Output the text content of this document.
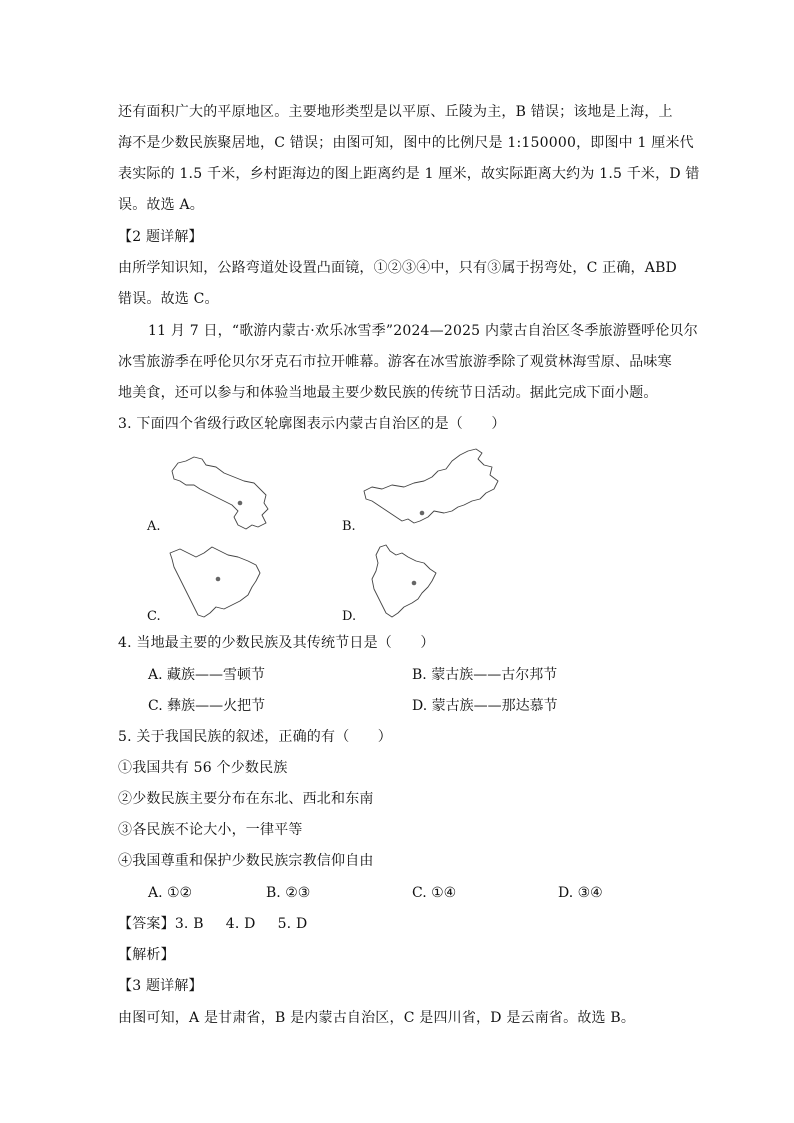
还有面积广大的平原地区。主要地形类型是以平原、丘陵为主，B 错误；该地是上海，上
海不是少数民族聚居地，C 错误；由图可知，图中的比例尺是 1:150000，即图中 1 厘米代
表实际的 1.5 千米，乡村距海边的图上距离约是 1 厘米，故实际距离大约为 1.5 千米，D 错
误。故选 A。
【2 题详解】
由所学知识知，公路弯道处设置凸面镜，①②③④中，只有③属于拐弯处，C 正确，ABD
错误。故选 C。
11 月 7 日，“歌游内蒙古·欢乐冰雪季”2024—2025 内蒙古自治区冬季旅游暨呼伦贝尔
冰雪旅游季在呼伦贝尔牙克石市拉开帷幕。游客在冰雪旅游季除了观赏林海雪原、品味寒
地美食，还可以参与和体验当地最主要少数民族的传统节日活动。据此完成下面小题。
3. 下面四个省级行政区轮廓图表示内蒙古自治区的是（　　）
A.	B.
C.	D.
4. 当地最主要的少数民族及其传统节日是（　　）
A. 藏族——雪顿节	B. 蒙古族——古尔邦节
C. 彝族——火把节	D. 蒙古族——那达慕节
5. 关于我国民族的叙述，正确的有（　　）
①我国共有 56 个少数民族
②少数民族主要分布在东北、西北和东南
③各民族不论大小，一律平等
④我国尊重和保护少数民族宗教信仰自由
A. ①②	B. ②③	C. ①④	D. ③④
【答案】3. B 4. D 5. D
【解析】
【3 题详解】
由图可知，A 是甘肃省，B 是内蒙古自治区，C 是四川省，D 是云南省。故选 B。
